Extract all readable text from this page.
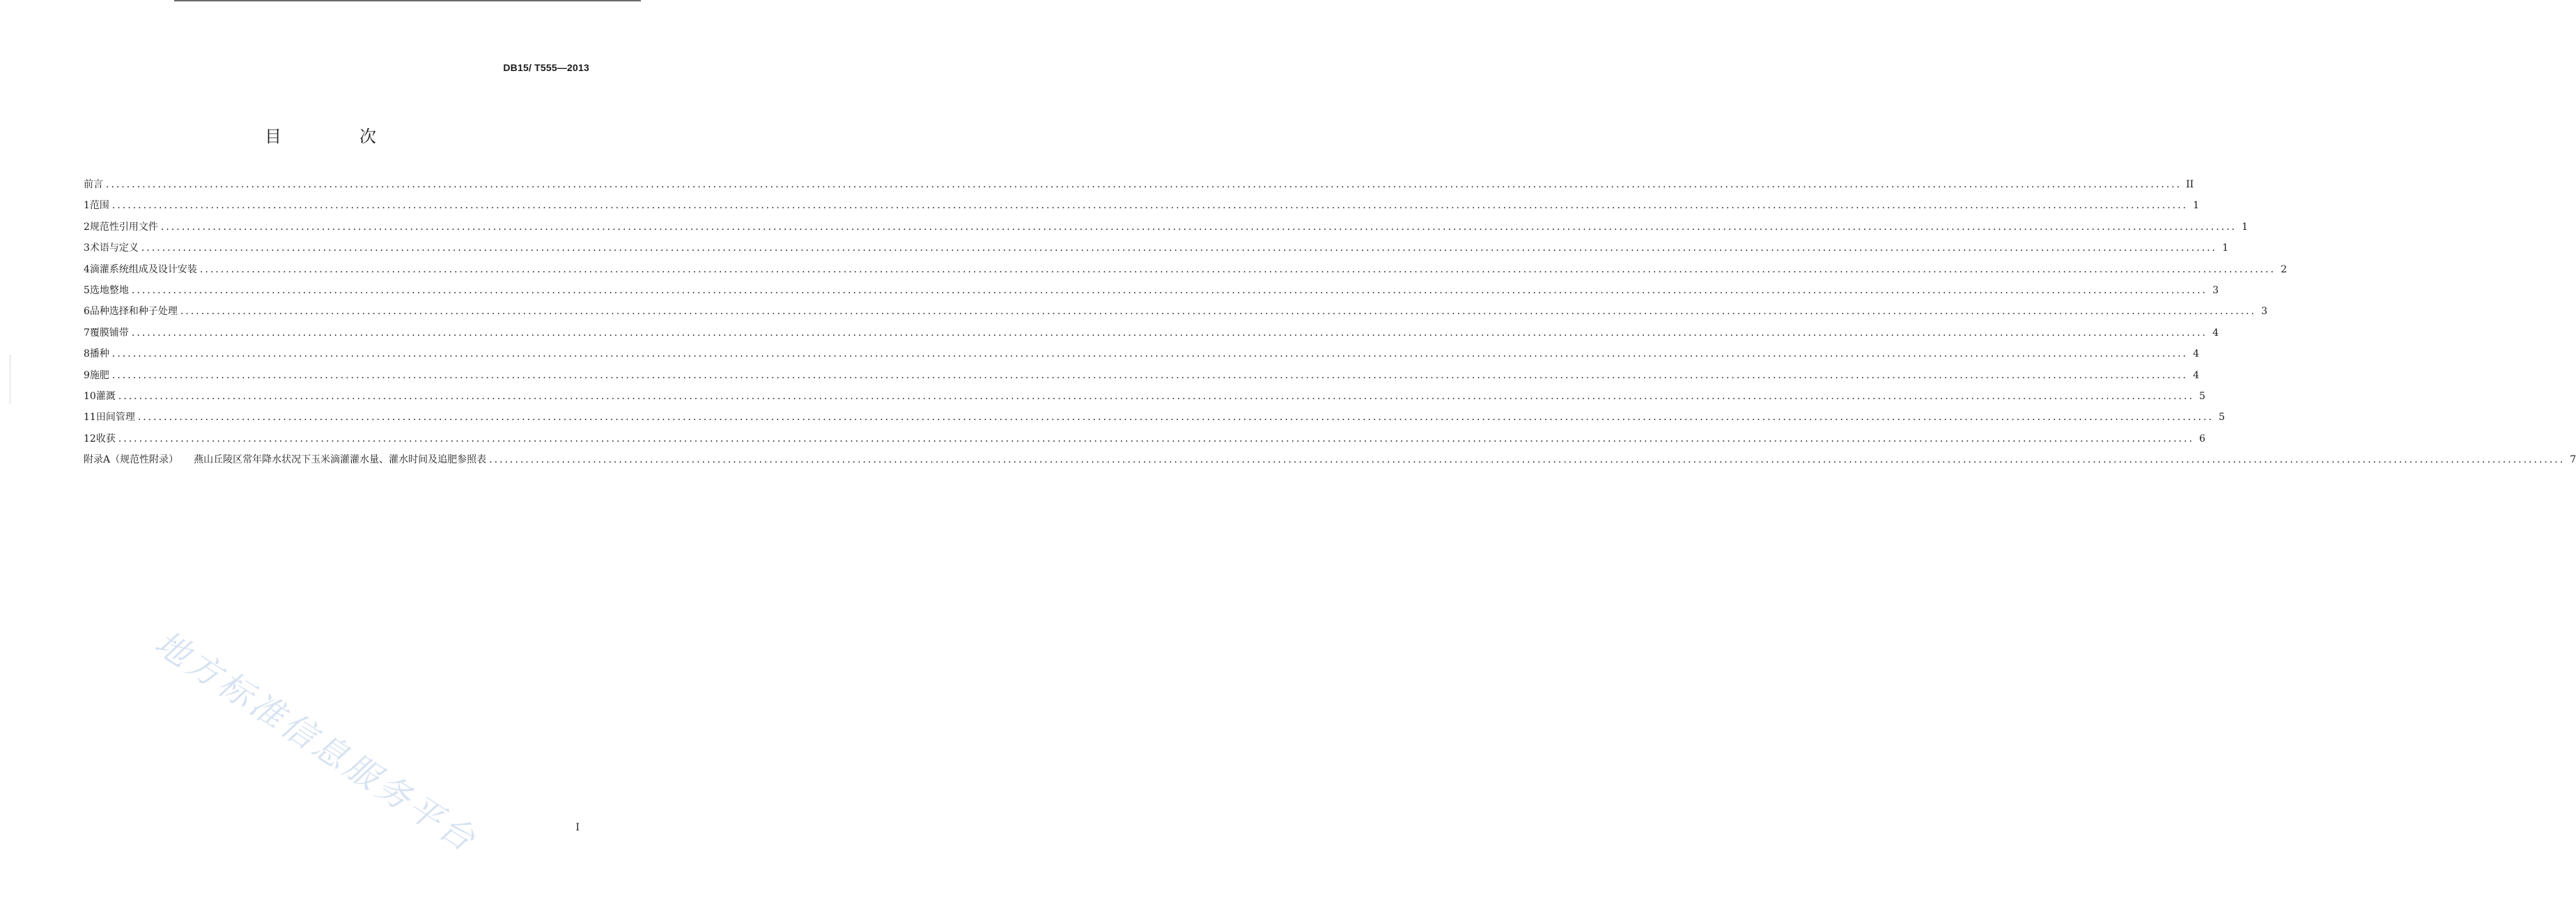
DB15/ T555—2013
目　次
前言 ................................................................................................................................................................................................................................................................................................................................................................................................................ II
1 范围 ................................................................................................................................................................................................................................................................................................................................................................................................................ 1
2 规范性引用文件 ................................................................................................................................................................................................................................................................................................................................................................................................................ 1
3 术语与定义 ................................................................................................................................................................................................................................................................................................................................................................................................................ 1
4 滴灌系统组成及设计安装 ................................................................................................................................................................................................................................................................................................................................................................................................................ 2
5 选地整地 ................................................................................................................................................................................................................................................................................................................................................................................................................ 3
6 品种选择和种子处理 ................................................................................................................................................................................................................................................................................................................................................................................................................ 3
7 覆膜铺带 ................................................................................................................................................................................................................................................................................................................................................................................................................ 4
8 播种 ................................................................................................................................................................................................................................................................................................................................................................................................................ 4
9 施肥 ................................................................................................................................................................................................................................................................................................................................................................................................................ 4
10 灌溉 ................................................................................................................................................................................................................................................................................................................................................................................................................ 5
11 田间管理 ................................................................................................................................................................................................................................................................................................................................................................................................................ 5
12 收获 ................................................................................................................................................................................................................................................................................................................................................................................................................ 6
附录A（规范性附录） 燕山丘陵区常年降水状况下玉米滴灌灌水量、灌水时间及追肥参照表 ................................................................................................................................................................................................................................................................................................................................................................................................................ 7
地方标准信息服务平台	I
